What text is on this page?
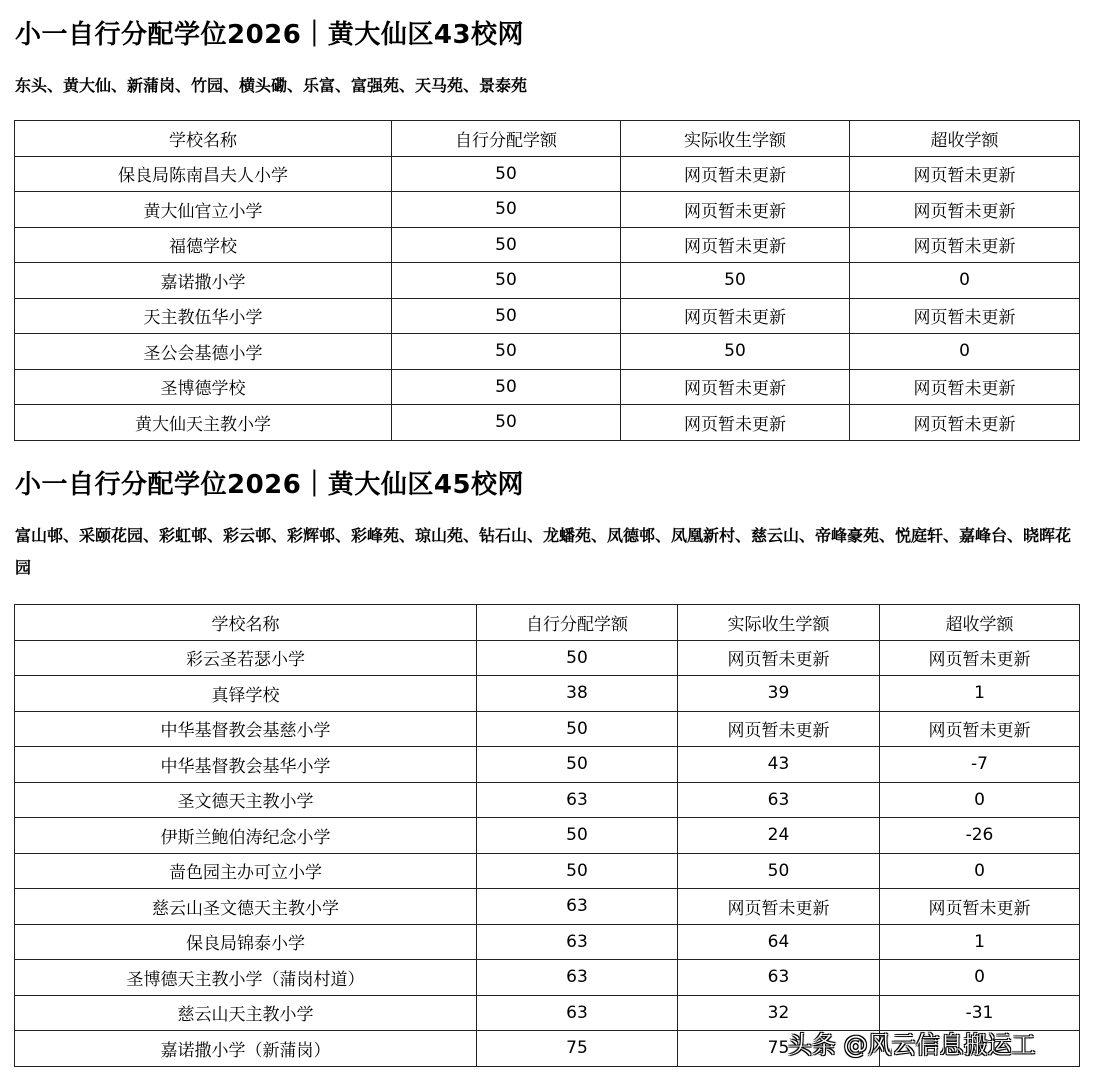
小一自行分配学位2026｜黄大仙区43校网

东头、黄大仙、新蒲岗、竹园、横头磡、乐富、富强苑、天马苑、景泰苑

学校名称	自行分配学额	实际收生学额	超收学额
保良局陈南昌夫人小学	50	网页暂未更新	网页暂未更新
黄大仙官立小学	50	网页暂未更新	网页暂未更新
福德学校	50	网页暂未更新	网页暂未更新
嘉诺撒小学	50	50	0
天主教伍华小学	50	网页暂未更新	网页暂未更新
圣公会基德小学	50	50	0
圣博德学校	50	网页暂未更新	网页暂未更新
黄大仙天主教小学	50	网页暂未更新	网页暂未更新
小一自行分配学位2026｜黄大仙区45校网

富山邨、采颐花园、彩虹邨、彩云邨、彩辉邨、彩峰苑、琼山苑、钻石山、龙蟠苑、凤德邨、凤凰新村、慈云山、帝峰豪苑、悦庭轩、嘉峰台、晓晖花园

学校名称	自行分配学额	实际收生学额	超收学额
彩云圣若瑟小学	50	网页暂未更新	网页暂未更新
真铎学校	38	39	1
中华基督教会基慈小学	50	网页暂未更新	网页暂未更新
中华基督教会基华小学	50	43	-7
圣文德天主教小学	63	63	0
伊斯兰鲍伯涛纪念小学	50	24	-26
啬色园主办可立小学	50	50	0
慈云山圣文德天主教小学	63	网页暂未更新	网页暂未更新
保良局锦泰小学	63	64	1
圣博德天主教小学（蒲岗村道）	63	63	0
慈云山天主教小学	63	32	-31
嘉诺撒小学（新蒲岗）	75	75	
头条 @风云信息搬运工
